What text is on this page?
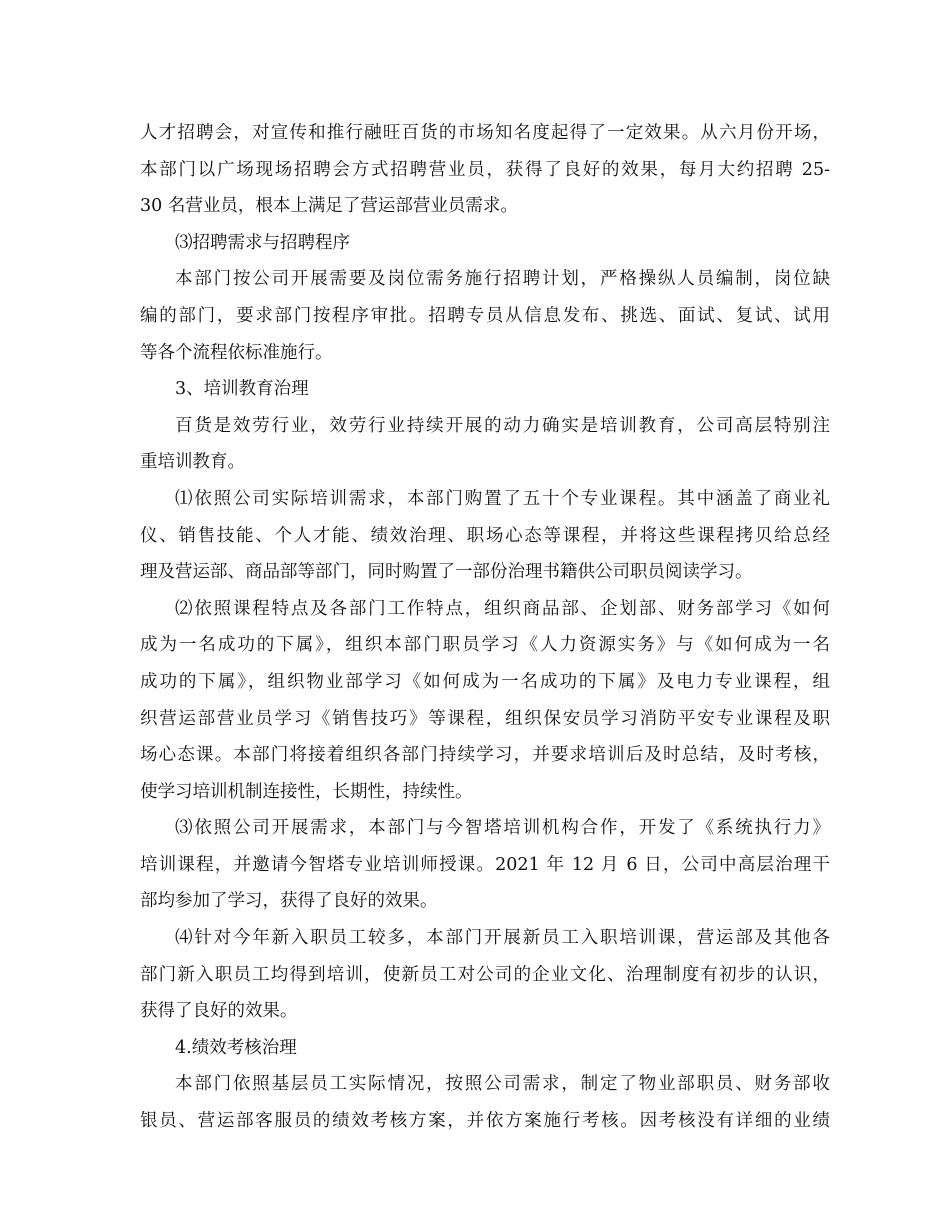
人才招聘会，对宣传和推行融旺百货的市场知名度起得了一定效果。从六月份开场，
本部门以广场现场招聘会方式招聘营业员，获得了良好的效果，每月大约招聘 25-
30 名营业员，根本上满足了营运部营业员需求。
⑶招聘需求与招聘程序
本部门按公司开展需要及岗位需务施行招聘计划，严格操纵人员编制，岗位缺
编的部门，要求部门按程序审批。招聘专员从信息发布、挑选、面试、复试、试用
等各个流程依标准施行。
3、培训教育治理
百货是效劳行业，效劳行业持续开展的动力确实是培训教育，公司高层特别注
重培训教育。
⑴依照公司实际培训需求，本部门购置了五十个专业课程。其中涵盖了商业礼
仪、销售技能、个人才能、绩效治理、职场心态等课程，并将这些课程拷贝给总经
理及营运部、商品部等部门，同时购置了一部份治理书籍供公司职员阅读学习。
⑵依照课程特点及各部门工作特点，组织商品部、企划部、财务部学习《如何
成为一名成功的下属》，组织本部门职员学习《人力资源实务》与《如何成为一名
成功的下属》，组织物业部学习《如何成为一名成功的下属》及电力专业课程，组
织营运部营业员学习《销售技巧》等课程，组织保安员学习消防平安专业课程及职
场心态课。本部门将接着组织各部门持续学习，并要求培训后及时总结，及时考核，
使学习培训机制连接性，长期性，持续性。
⑶依照公司开展需求，本部门与今智塔培训机构合作，开发了《系统执行力》
培训课程，并邀请今智塔专业培训师授课。2021 年 12 月 6 日，公司中高层治理干
部均参加了学习，获得了良好的效果。
⑷针对今年新入职员工较多，本部门开展新员工入职培训课，营运部及其他各
部门新入职员工均得到培训，使新员工对公司的企业文化、治理制度有初步的认识，
获得了良好的效果。
4.绩效考核治理
本部门依照基层员工实际情况，按照公司需求，制定了物业部职员、财务部收
银员、营运部客服员的绩效考核方案，并依方案施行考核。因考核没有详细的业绩
